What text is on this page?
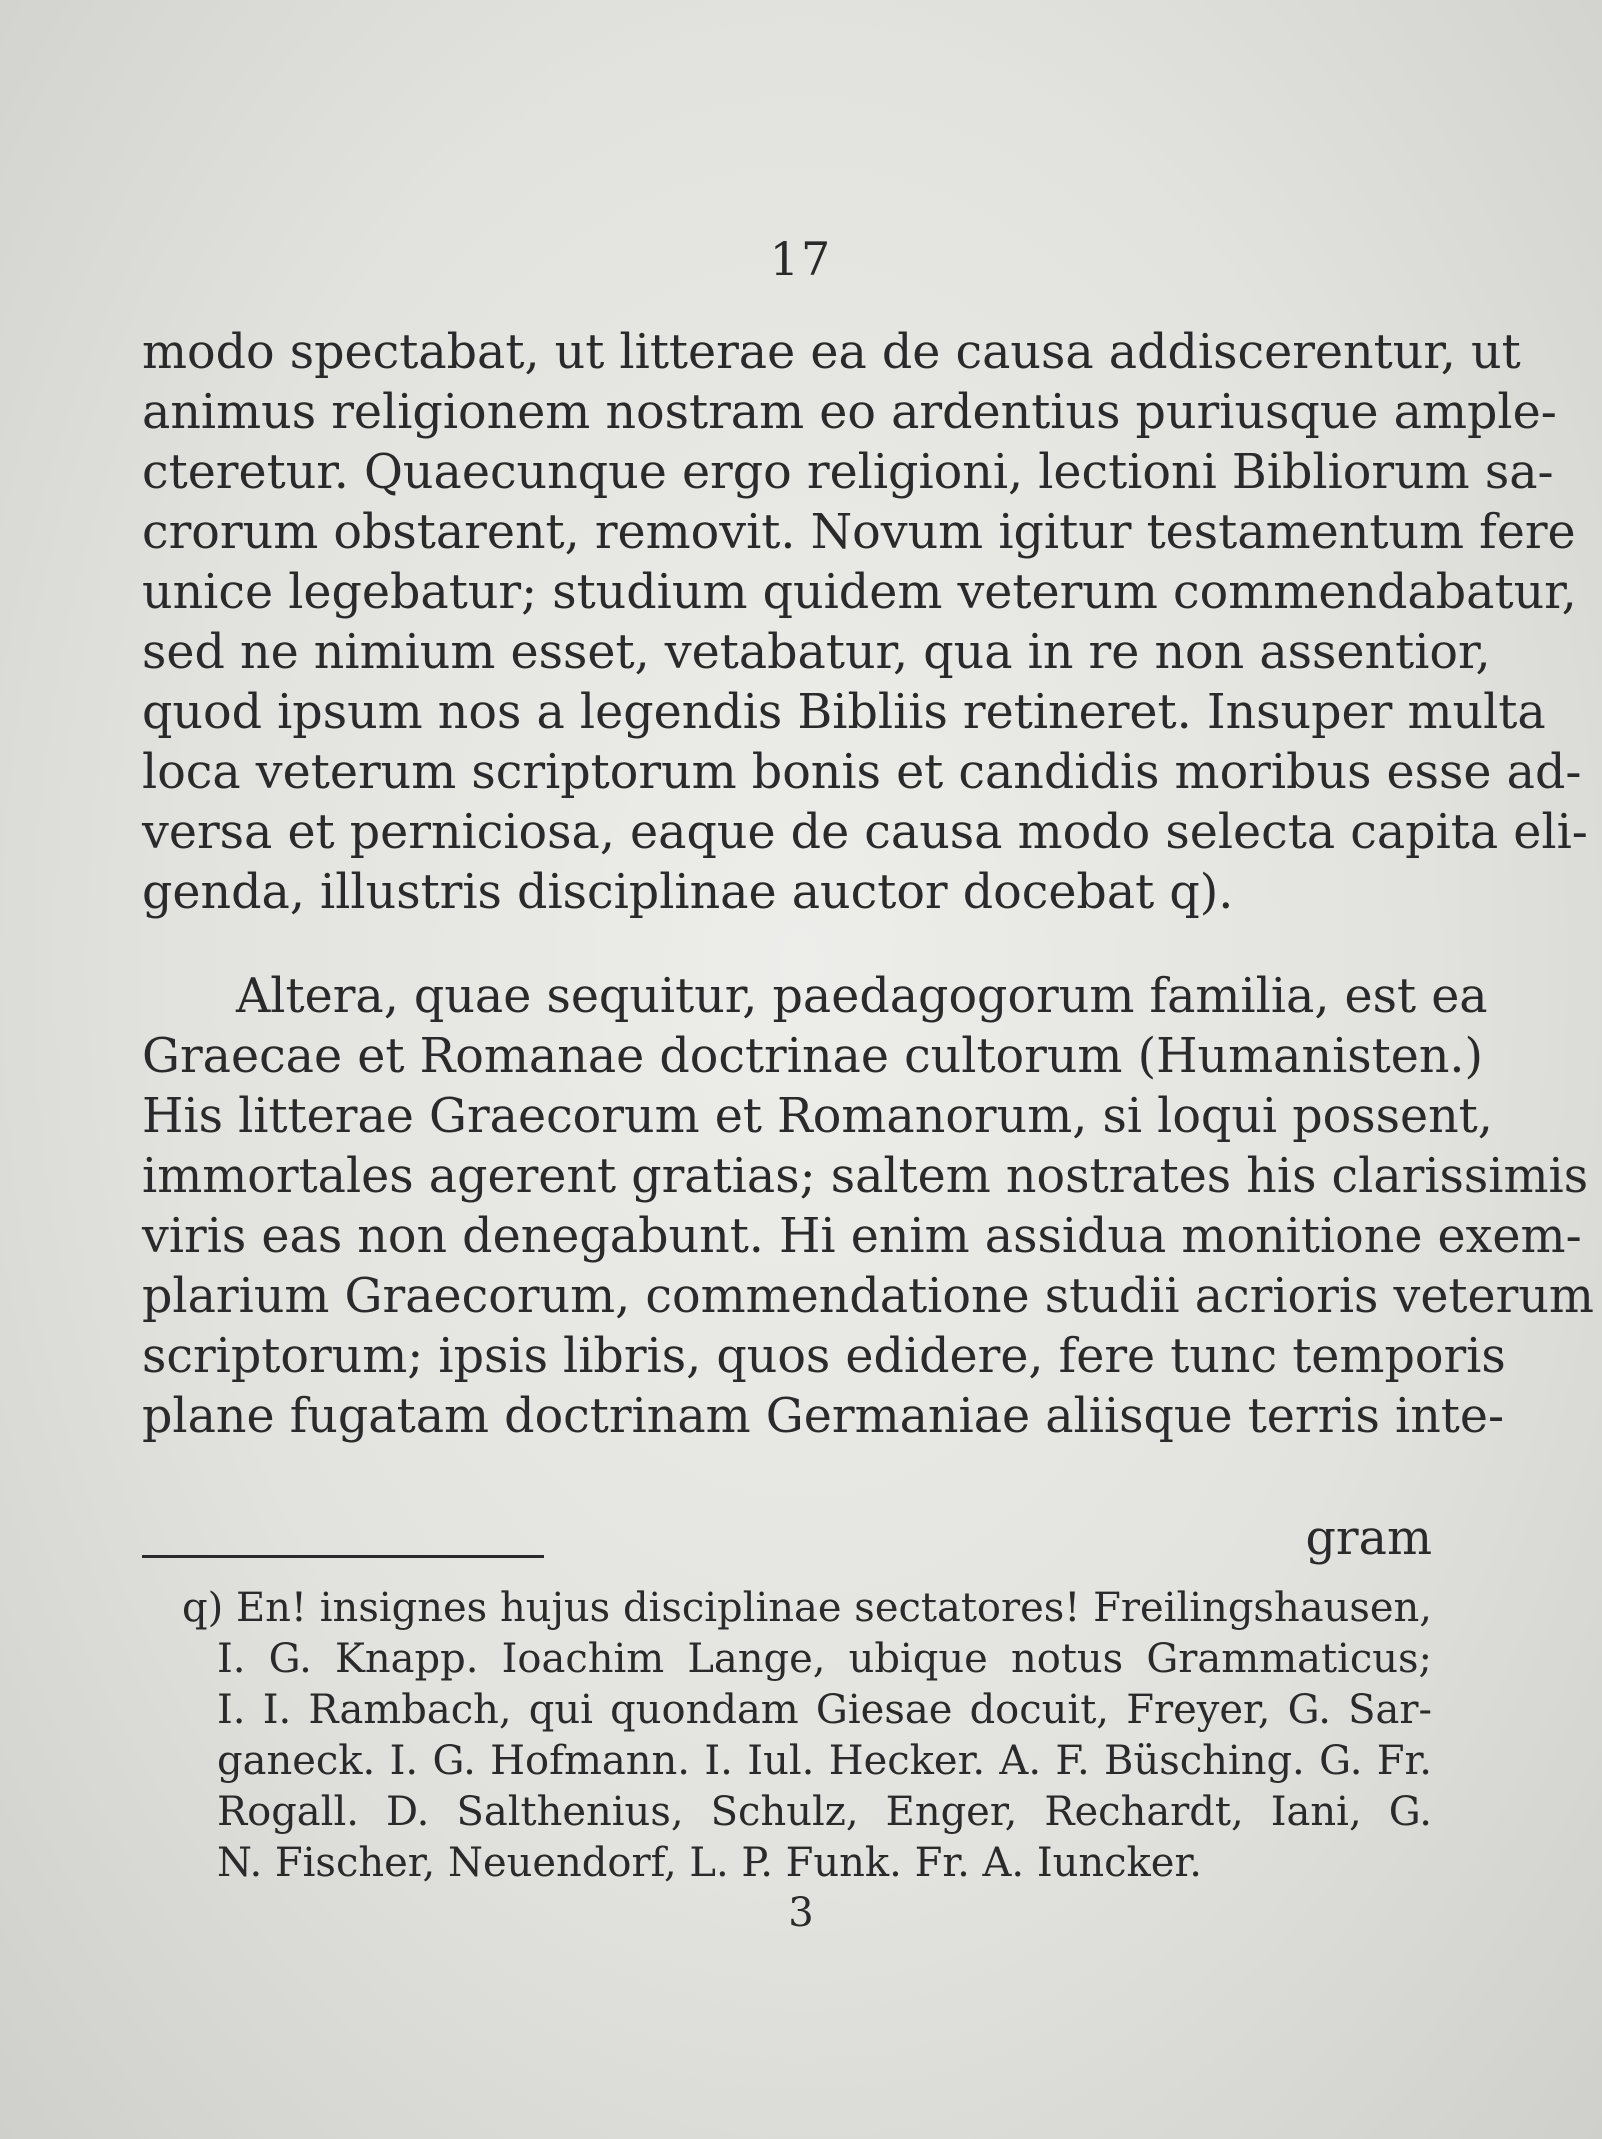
17
modo spectabat, ut litterae ea de causa addiscerentur, ut
animus religionem nostram eo ardentius puriusque ample-
cteretur. Quaecunque ergo religioni, lectioni Bibliorum sa-
crorum obstarent, removit. Novum igitur testamentum fere
unice legebatur; studium quidem veterum commendabatur,
sed ne nimium esset, vetabatur, qua in re non assentior,
quod ipsum nos a legendis Bibliis retineret. Insuper multa
loca veterum scriptorum bonis et candidis moribus esse ad-
versa et perniciosa, eaque de causa modo selecta capita eli-
genda, illustris disciplinae auctor docebat q).
Altera, quae sequitur, paedagogorum familia, est ea
Graecae et Romanae doctrinae cultorum (Humanisten.)
His litterae Graecorum et Romanorum, si loqui possent,
immortales agerent gratias; saltem nostrates his clarissimis
viris eas non denegabunt. Hi enim assidua monitione exem-
plarium Graecorum, commendatione studii acrioris veterum
scriptorum; ipsis libris, quos edidere, fere tunc temporis
plane fugatam doctrinam Germaniae aliisque terris inte-
gram
q) En! insignes hujus disciplinae sectatores! Freilingshausen,
I. G. Knapp. Ioachim Lange, ubique notus Grammaticus;
I. I. Rambach, qui quondam Giesae docuit, Freyer, G. Sar-
ganeck. I. G. Hofmann. I. Iul. Hecker. A. F. Büsching. G. Fr.
Rogall. D. Salthenius, Schulz, Enger, Rechardt, Iani, G.
N. Fischer, Neuendorf, L. P. Funk. Fr. A. Iuncker.
3
